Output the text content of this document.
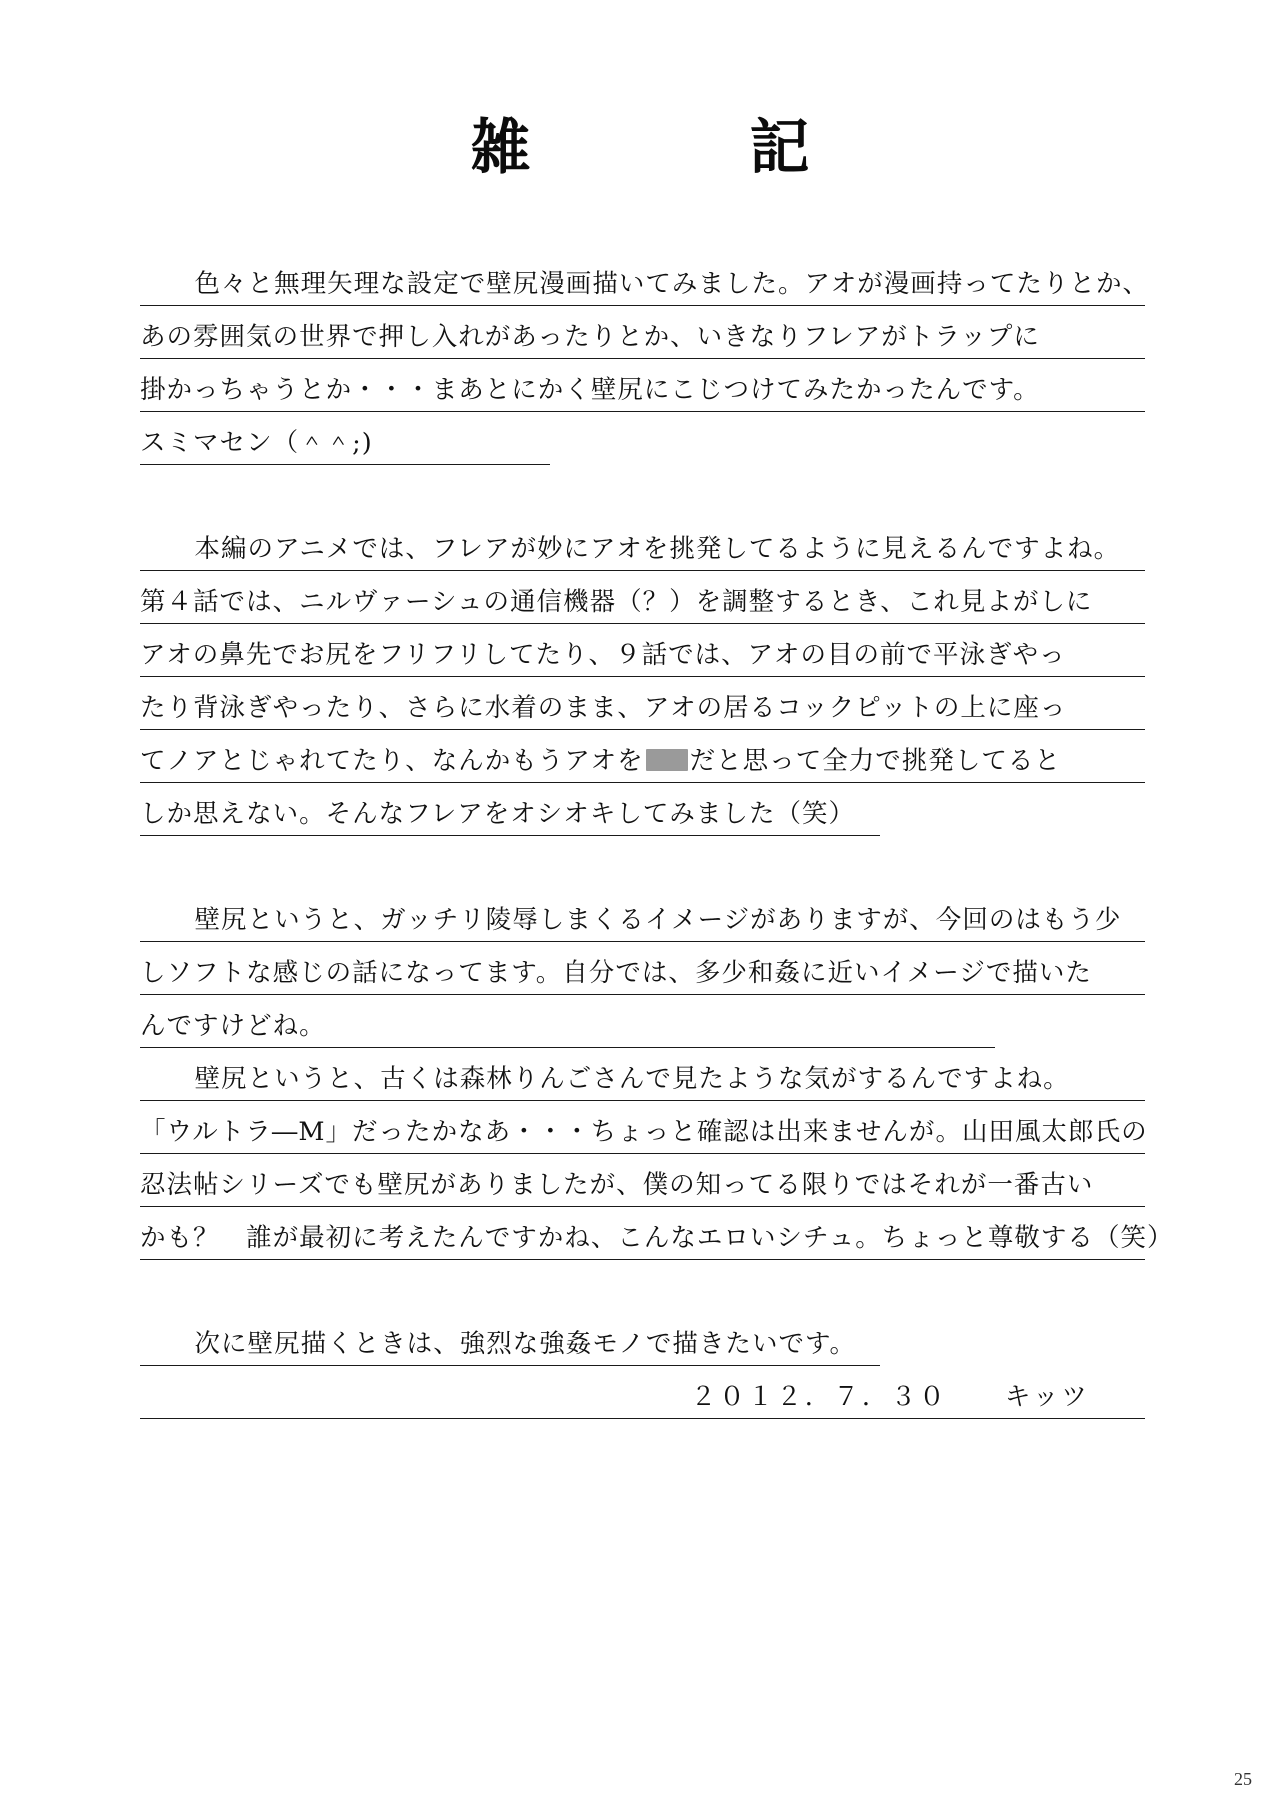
雑　　記
　色々と無理矢理な設定で壁尻漫画描いてみました。アオが漫画持ってたりとか、
あの雰囲気の世界で押し入れがあったりとか、いきなりフレアがトラップに
掛かっちゃうとか・・・まあとにかく壁尻にこじつけてみたかったんです。
スミマセン（＾＾;)
　本編のアニメでは、フレアが妙にアオを挑発してるように見えるんですよね。
第４話では、ニルヴァーシュの通信機器（？）を調整するとき、これ見よがしに
アオの鼻先でお尻をフリフリしてたり、９話では、アオの目の前で平泳ぎやっ
たり背泳ぎやったり、さらに水着のまま、アオの居るコックピットの上に座っ
てノアとじゃれてたり、なんかもうアオを だと思って全力で挑発してると
しか思えない。そんなフレアをオシオキしてみました（笑）
　壁尻というと、ガッチリ陵辱しまくるイメージがありますが、今回のはもう少
しソフトな感じの話になってます。自分では、多少和姦に近いイメージで描いた
んですけどね。
　壁尻というと、古くは森林りんごさんで見たような気がするんですよね。
「ウルトラ―M」だったかなあ・・・ちょっと確認は出来ませんが。山田風太郎氏の
忍法帖シリーズでも壁尻がありましたが、僕の知ってる限りではそれが一番古い
かも？　誰が最初に考えたんですかね、こんなエロいシチュ。ちょっと尊敬する（笑）
　次に壁尻描くときは、強烈な強姦モノで描きたいです。
２０１２．７．３０　　キッツ
25
